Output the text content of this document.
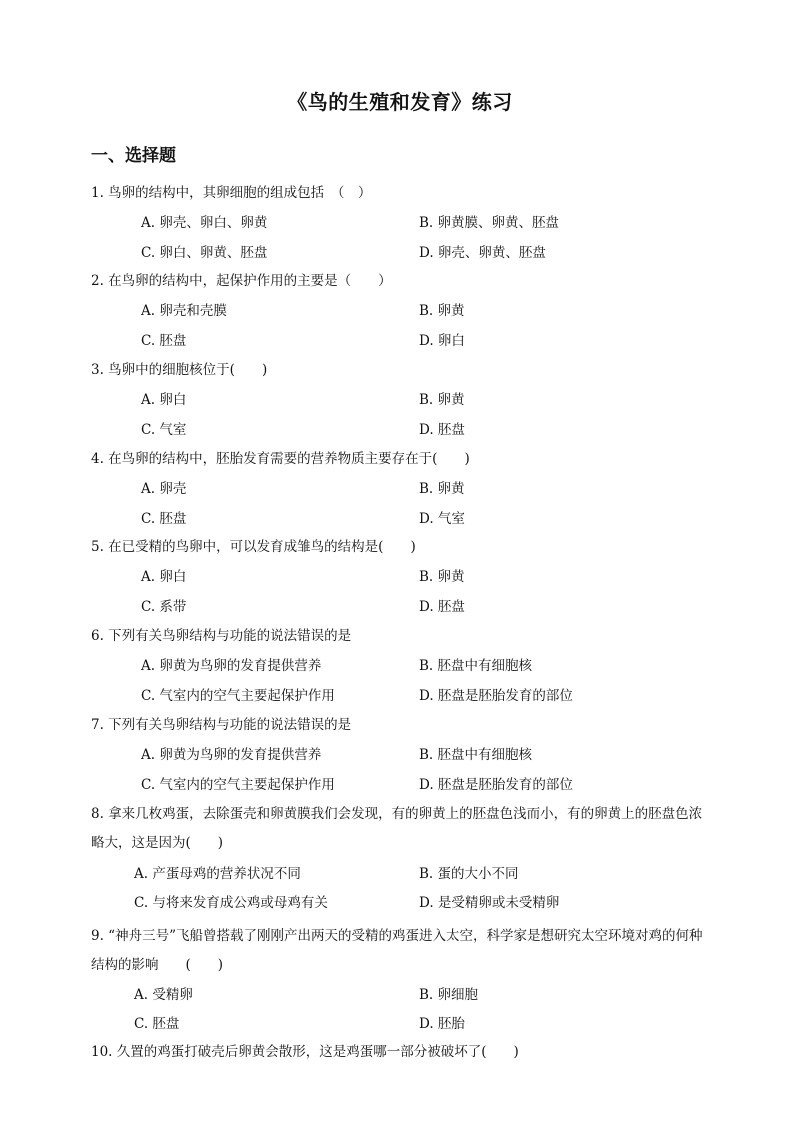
《鸟的生殖和发育》练习
一、选择题
1. 鸟卵的结构中，其卵细胞的组成包括　（　）
A. 卵壳、卵白、卵黄	B. 卵黄膜、卵黄、胚盘
C. 卵白、卵黄、胚盘	D. 卵壳、卵黄、胚盘
2. 在鸟卵的结构中，起保护作用的主要是（　　）
A. 卵壳和壳膜	B. 卵黄
C. 胚盘	D. 卵白
3. 鸟卵中的细胞核位于(　　)
A. 卵白	B. 卵黄
C. 气室	D. 胚盘
4. 在鸟卵的结构中，胚胎发育需要的营养物质主要存在于(　　)
A. 卵壳	B. 卵黄
C. 胚盘	D. 气室
5. 在已受精的鸟卵中，可以发育成雏鸟的结构是(　　)
A. 卵白	B. 卵黄
C. 系带	D. 胚盘
6. 下列有关鸟卵结构与功能的说法错误的是
A. 卵黄为鸟卵的发育提供营养	B. 胚盘中有细胞核
C. 气室内的空气主要起保护作用	D. 胚盘是胚胎发育的部位
7. 下列有关鸟卵结构与功能的说法错误的是
A. 卵黄为鸟卵的发育提供营养	B. 胚盘中有细胞核
C. 气室内的空气主要起保护作用	D. 胚盘是胚胎发育的部位
8. 拿来几枚鸡蛋，去除蛋壳和卵黄膜我们会发现，有的卵黄上的胚盘色浅而小，有的卵黄上的胚盘色浓略大，这是因为(　　)
A. 产蛋母鸡的营养状况不同	B. 蛋的大小不同
C. 与将来发育成公鸡或母鸡有关	D. 是受精卵或未受精卵
9. “神舟三号”飞船曾搭载了刚刚产出两天的受精的鸡蛋进入太空，科学家是想研究太空环境对鸡的何种结构的影响　　(　　)
A. 受精卵	B. 卵细胞
C. 胚盘	D. 胚胎
10. 久置的鸡蛋打破壳后卵黄会散形，这是鸡蛋哪一部分被破坏了(　　)
